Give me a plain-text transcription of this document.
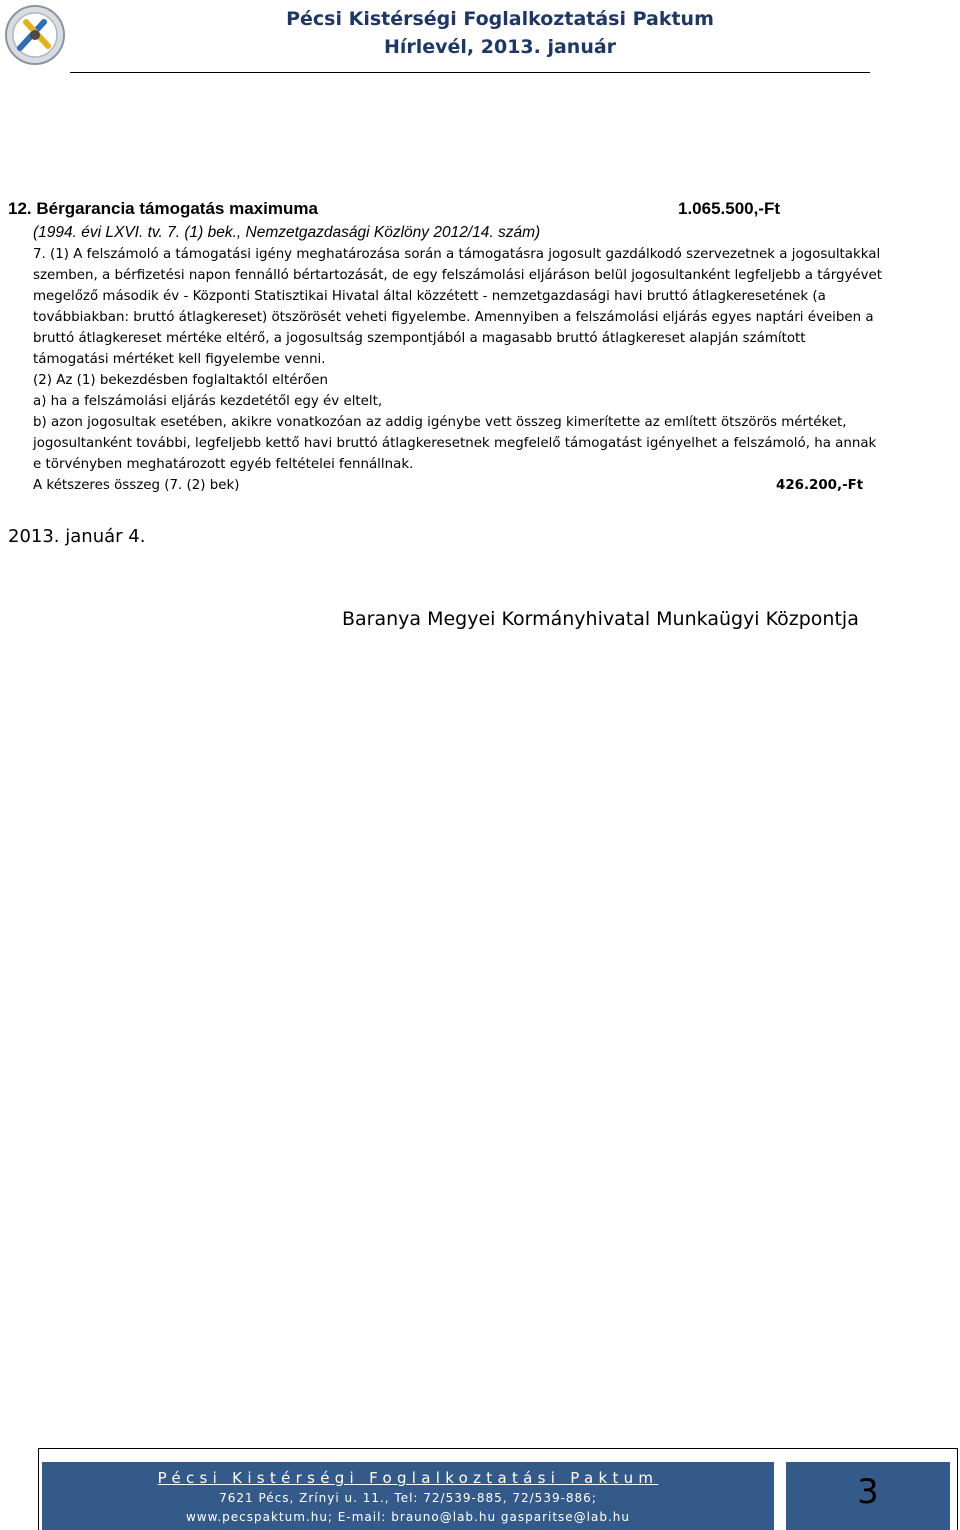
Pécsi Kistérségi Foglalkoztatási Paktum
Hírlevél, 2013. január
12. Bérgarancia támogatás maximuma	1.065.500,-Ft
(1994. évi LXVI. tv. 7. (1) bek., Nemzetgazdasági Közlöny 2012/14. szám)
7. (1) A felszámoló a támogatási igény meghatározása során a támogatásra jogosult gazdálkodó szervezetnek a jogosultakkal
szemben, a bérfizetési napon fennálló bértartozását, de egy felszámolási eljáráson belül jogosultanként legfeljebb a tárgyévet
megelőző második év - Központi Statisztikai Hivatal által közzétett - nemzetgazdasági havi bruttó átlagkeresetének (a
továbbiakban: bruttó átlagkereset) ötszörösét veheti figyelembe. Amennyiben a felszámolási eljárás egyes naptári éveiben a
bruttó átlagkereset mértéke eltérő, a jogosultság szempontjából a magasabb bruttó átlagkereset alapján számított
támogatási mértéket kell figyelembe venni.
(2) Az (1) bekezdésben foglaltaktól eltérően
a) ha a felszámolási eljárás kezdetétől egy év eltelt,
b) azon jogosultak esetében, akikre vonatkozóan az addig igénybe vett összeg kimerítette az említett ötszörös mértéket,
jogosultanként további, legfeljebb kettő havi bruttó átlagkeresetnek megfelelő támogatást igényelhet a felszámoló, ha annak
e törvényben meghatározott egyéb feltételei fennállnak.
A kétszeres összeg (7. (2) bek)	426.200,-Ft
2013. január 4.
Baranya Megyei Kormányhivatal Munkaügyi Központja
Pécsi Kistérségi Foglalkoztatási Paktum
7621 Pécs, Zrínyi u. 11., Tel: 72/539-885, 72/539-886;
www.pecspaktum.hu; E-mail: brauno@lab.hu gasparitse@lab.hu
3
